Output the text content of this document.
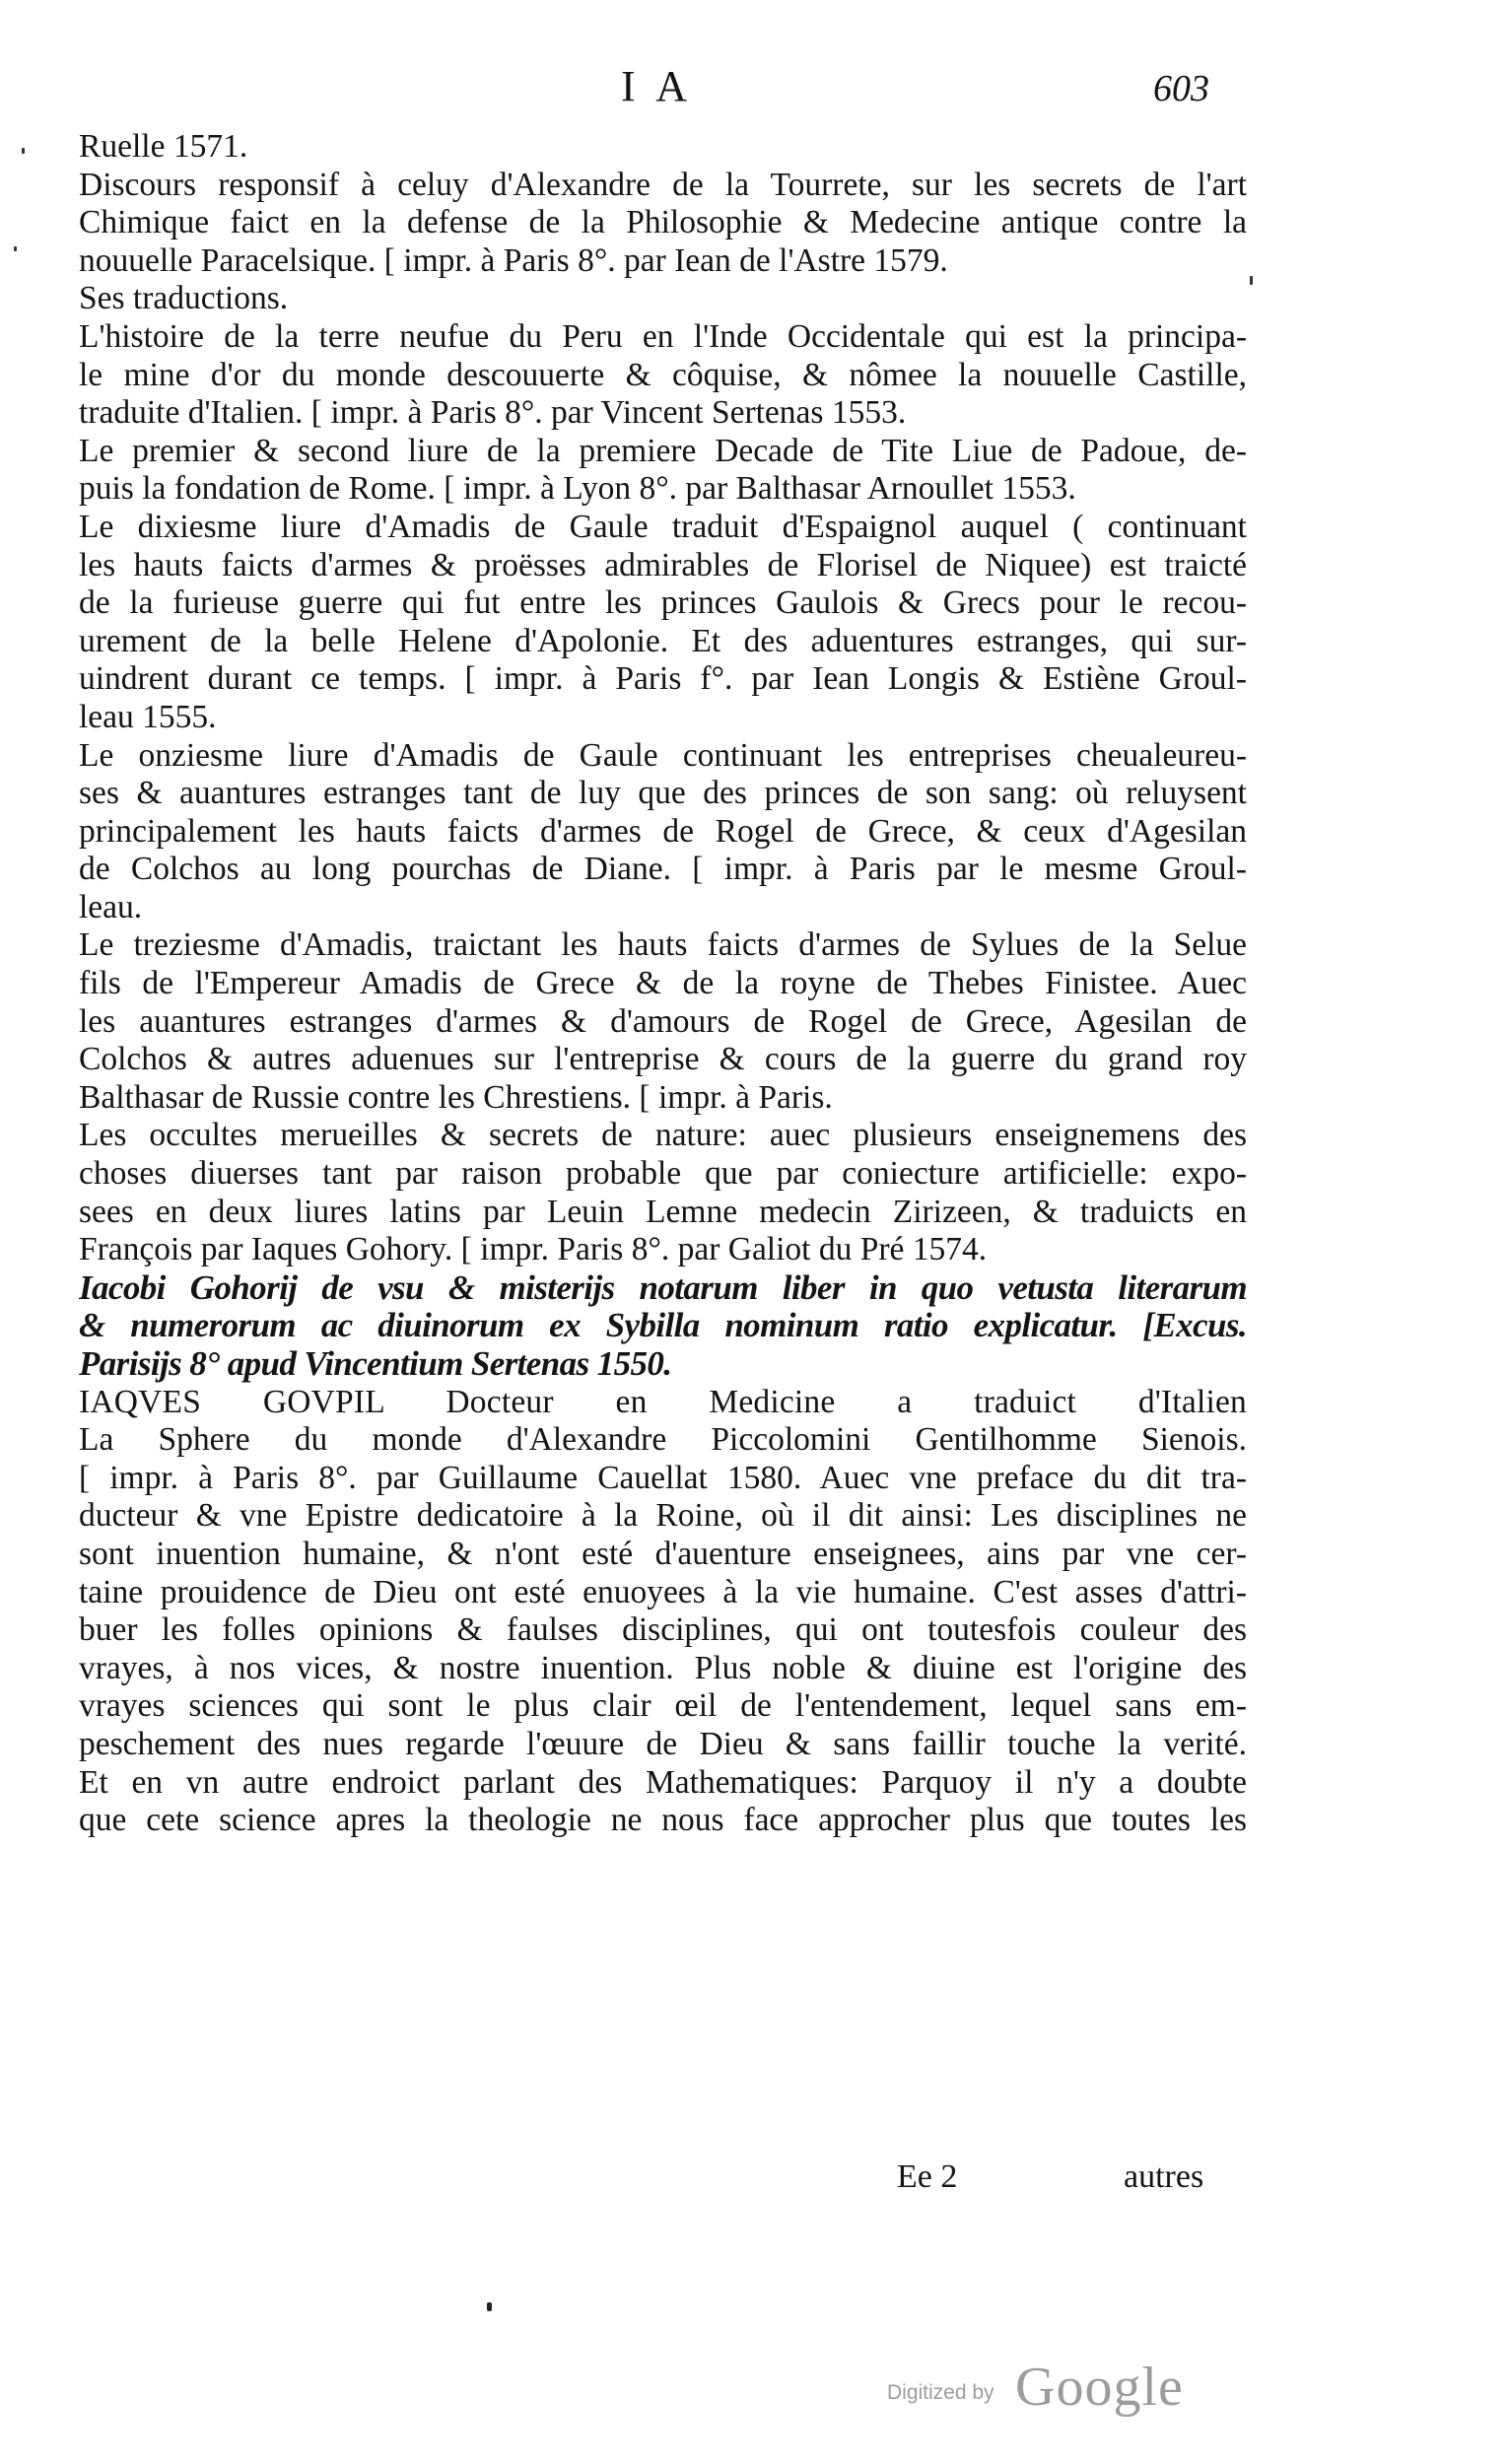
I A	603
Ruelle 1571.
Discours responsif à celuy d'Alexandre de la Tourrete, sur les secrets de l'art
Chimique faict en la defense de la Philosophie & Medecine antique contre la
nouuelle Paracelsique. [ impr. à Paris 8°. par Iean de l'Astre 1579.
Ses traductions.
L'histoire de la terre neufue du Peru en l'Inde Occidentale qui est la principa-
le mine d'or du monde descouuerte & côquise, & nômee la nouuelle Castille,
traduite d'Italien. [ impr. à Paris 8°. par Vincent Sertenas 1553.
Le premier & second liure de la premiere Decade de Tite Liue de Padoue, de-
puis la fondation de Rome. [ impr. à Lyon 8°. par Balthasar Arnoullet 1553.
Le dixiesme liure d'Amadis de Gaule traduit d'Espaignol auquel ( continuant
les hauts faicts d'armes & proësses admirables de Florisel de Niquee) est traicté
de la furieuse guerre qui fut entre les princes Gaulois & Grecs pour le recou-
urement de la belle Helene d'Apolonie. Et des aduentures estranges, qui sur-
uindrent durant ce temps. [ impr. à Paris f°. par Iean Longis & Estiène Groul-
leau 1555.
Le onziesme liure d'Amadis de Gaule continuant les entreprises cheualeureu-
ses & auantures estranges tant de luy que des princes de son sang: où reluysent
principalement les hauts faicts d'armes de Rogel de Grece, & ceux d'Agesilan
de Colchos au long pourchas de Diane. [ impr. à Paris par le mesme Groul-
leau.
Le treziesme d'Amadis, traictant les hauts faicts d'armes de Sylues de la Selue
fils de l'Empereur Amadis de Grece & de la royne de Thebes Finistee. Auec
les auantures estranges d'armes & d'amours de Rogel de Grece, Agesilan de
Colchos & autres aduenues sur l'entreprise & cours de la guerre du grand roy
Balthasar de Russie contre les Chrestiens. [ impr. à Paris.
Les occultes merueilles & secrets de nature: auec plusieurs enseignemens des
choses diuerses tant par raison probable que par coniecture artificielle: expo-
sees en deux liures latins par Leuin Lemne medecin Zirizeen, & traduicts en
François par Iaques Gohory. [ impr. Paris 8°. par Galiot du Pré 1574.
Iacobi Gohorij de vsu & misterijs notarum liber in quo vetusta literarum
& numerorum ac diuinorum ex Sybilla nominum ratio explicatur. [Excus.
Parisijs 8° apud Vincentium Sertenas 1550.
IAQVES GOVPIL Docteur en Medicine a traduict d'Italien
La Sphere du monde d'Alexandre Piccolomini Gentilhomme Sienois.
[ impr. à Paris 8°. par Guillaume Cauellat 1580. Auec vne preface du dit tra-
ducteur & vne Epistre dedicatoire à la Roine, où il dit ainsi: Les disciplines ne
sont inuention humaine, & n'ont esté d'auenture enseignees, ains par vne cer-
taine prouidence de Dieu ont esté enuoyees à la vie humaine. C'est asses d'attri-
buer les folles opinions & faulses disciplines, qui ont toutesfois couleur des
vrayes, à nos vices, & nostre inuention. Plus noble & diuine est l'origine des
vrayes sciences qui sont le plus clair œil de l'entendement, lequel sans em-
peschement des nues regarde l'œuure de Dieu & sans faillir touche la verité.
Et en vn autre endroict parlant des Mathematiques: Parquoy il n'y a doubte
que cete science apres la theologie ne nous face approcher plus que toutes les
Ee 2	autres
Digitized by Google
